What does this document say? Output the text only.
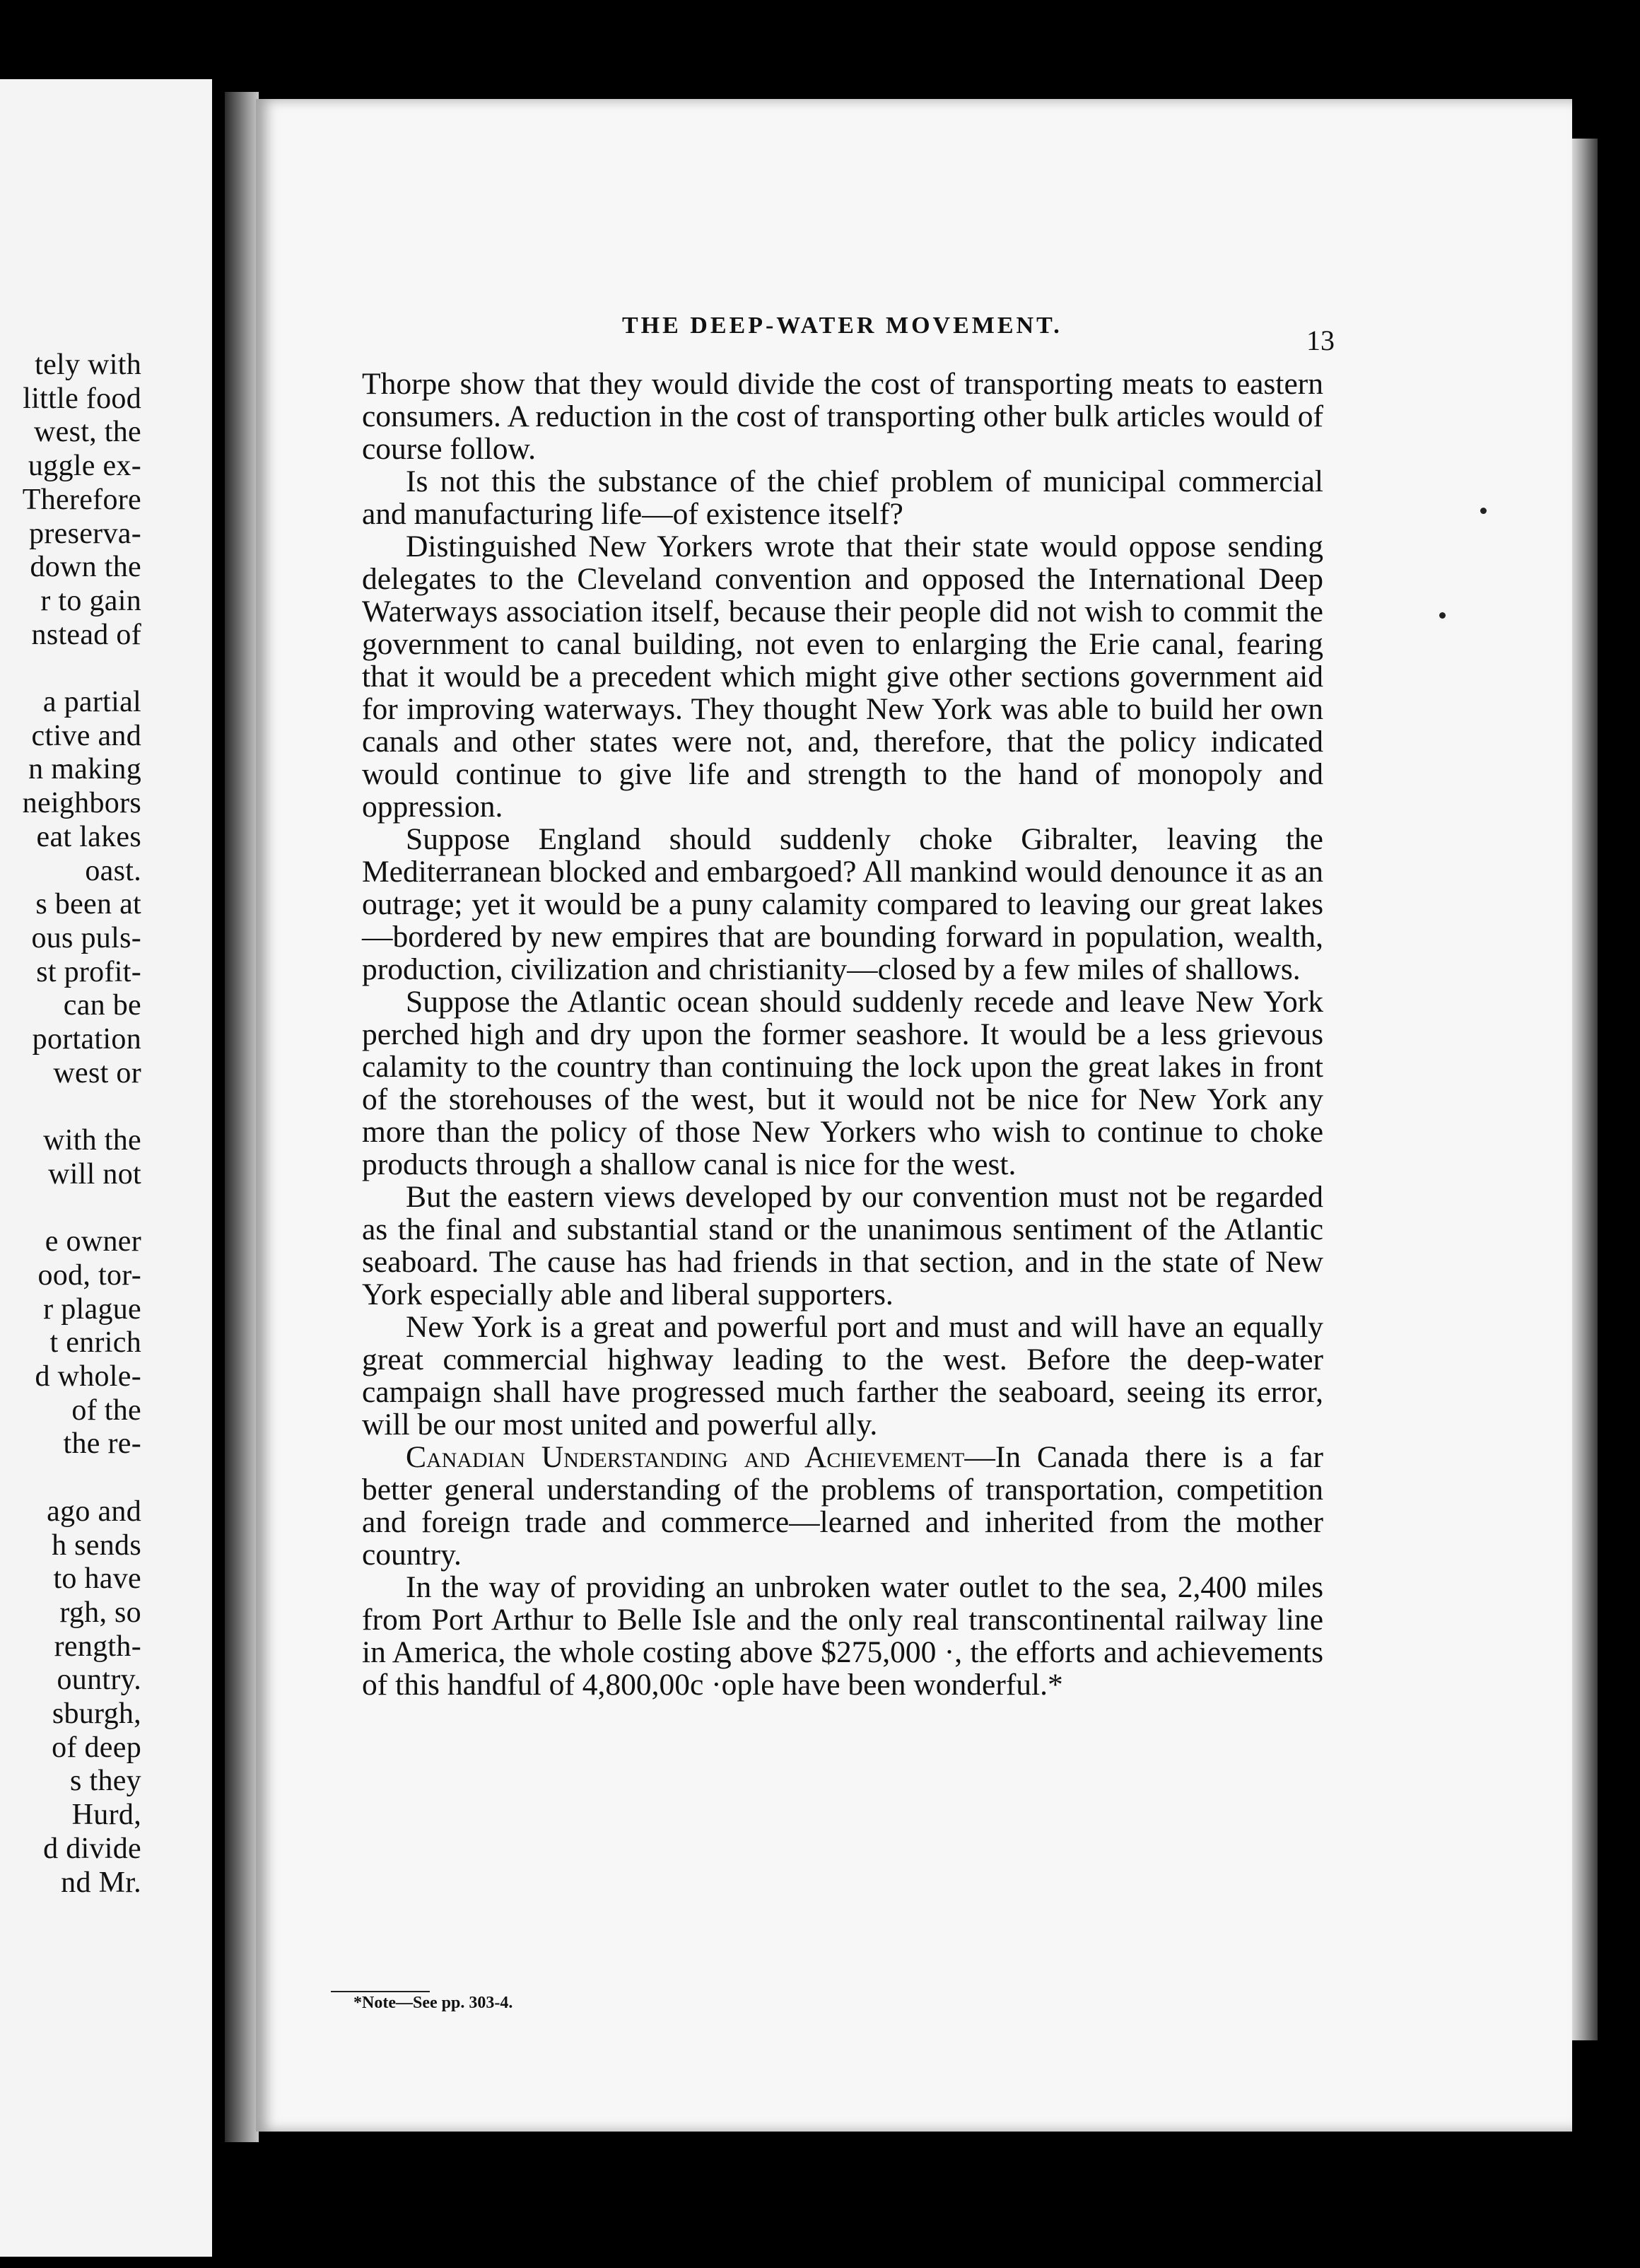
tely with
little food
west, the
uggle ex-
Therefore
preserva-
down the
r to gain
nstead of
a partial
ctive and
n making
neighbors
eat lakes
oast.
s been at
ous puls-
st profit-
can be
portation
west or
with the
will not
e owner
ood, tor-
r plague
t enrich
d whole-
of the
the re-
ago and
h sends
to have
rgh, so
rength-
ountry.
sburgh,
of deep
s they
Hurd,
d divide
nd Mr.
THE DEEP-WATER MOVEMENT.	13

Thorpe show that they would divide the cost of transporting meats to eastern consumers. A reduction in the cost of transporting other bulk articles would of course follow.

Is not this the substance of the chief problem of municipal commercial and manufacturing life—of existence itself?

Distinguished New Yorkers wrote that their state would oppose sending delegates to the Cleveland convention and opposed the International Deep Waterways association itself, because their people did not wish to commit the government to canal building, not even to enlarging the Erie canal, fearing that it would be a precedent which might give other sections government aid for improving waterways. They thought New York was able to build her own canals and other states were not, and, therefore, that the policy indicated would continue to give life and strength to the hand of monopoly and oppression.

Suppose England should suddenly choke Gibralter, leaving the Mediterranean blocked and embargoed? All mankind would denounce it as an outrage; yet it would be a puny calamity compared to leaving our great lakes—bordered by new empires that are bounding forward in population, wealth, production, civilization and christianity—closed by a few miles of shallows.

Suppose the Atlantic ocean should suddenly recede and leave New York perched high and dry upon the former seashore. It would be a less grievous calamity to the country than continuing the lock upon the great lakes in front of the storehouses of the west, but it would not be nice for New York any more than the policy of those New Yorkers who wish to continue to choke products through a shallow canal is nice for the west.

But the eastern views developed by our convention must not be regarded as the final and substantial stand or the unanimous sentiment of the Atlantic seaboard. The cause has had friends in that section, and in the state of New York especially able and liberal supporters.

New York is a great and powerful port and must and will have an equally great commercial highway leading to the west. Before the deep-water campaign shall have progressed much farther the seaboard, seeing its error, will be our most united and powerful ally.

Canadian Understanding and Achievement—In Canada there is a far better general understanding of the problems of transportation, competition and foreign trade and commerce—learned and inherited from the mother country.

In the way of providing an unbroken water outlet to the sea, 2,400 miles from Port Arthur to Belle Isle and the only real transcontinental railway line in America, the whole costing above $275,000 ·, the efforts and achievements of this handful of 4,800,00c ·ople have been wonderful.*

*Note—See pp. 303-4.
